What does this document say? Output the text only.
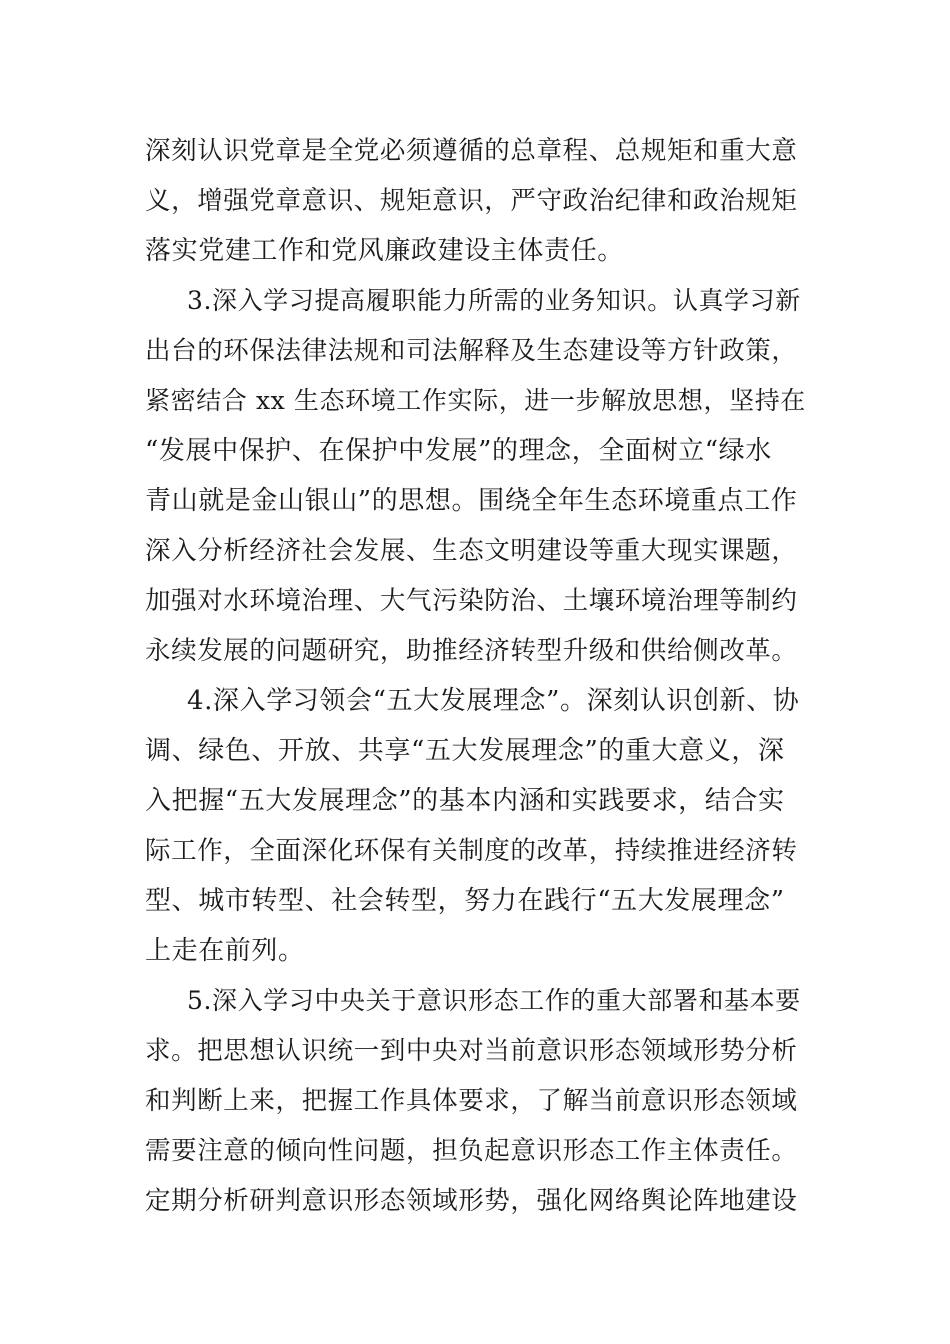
深刻认识党章是全党必须遵循的总章程、总规矩和重大意
义，增强党章意识、规矩意识，严守政治纪律和政治规矩
落实党建工作和党风廉政建设主体责任。
3.深入学习提高履职能力所需的业务知识。认真学习新
出台的环保法律法规和司法解释及生态建设等方针政策，
紧密结合 xx 生态环境工作实际，进一步解放思想，坚持在
“发展中保护、在保护中发展”的理念，全面树立“绿水
青山就是金山银山”的思想。围绕全年生态环境重点工作
深入分析经济社会发展、生态文明建设等重大现实课题，
加强对水环境治理、大气污染防治、土壤环境治理等制约
永续发展的问题研究，助推经济转型升级和供给侧改革。
4.深入学习领会“五大发展理念”。深刻认识创新、协
调、绿色、开放、共享“五大发展理念”的重大意义，深
入把握“五大发展理念”的基本内涵和实践要求，结合实
际工作，全面深化环保有关制度的改革，持续推进经济转
型、城市转型、社会转型，努力在践行“五大发展理念”
上走在前列。
5.深入学习中央关于意识形态工作的重大部署和基本要
求。把思想认识统一到中央对当前意识形态领域形势分析
和判断上来，把握工作具体要求，了解当前意识形态领域
需要注意的倾向性问题，担负起意识形态工作主体责任。
定期分析研判意识形态领域形势，强化网络舆论阵地建设
